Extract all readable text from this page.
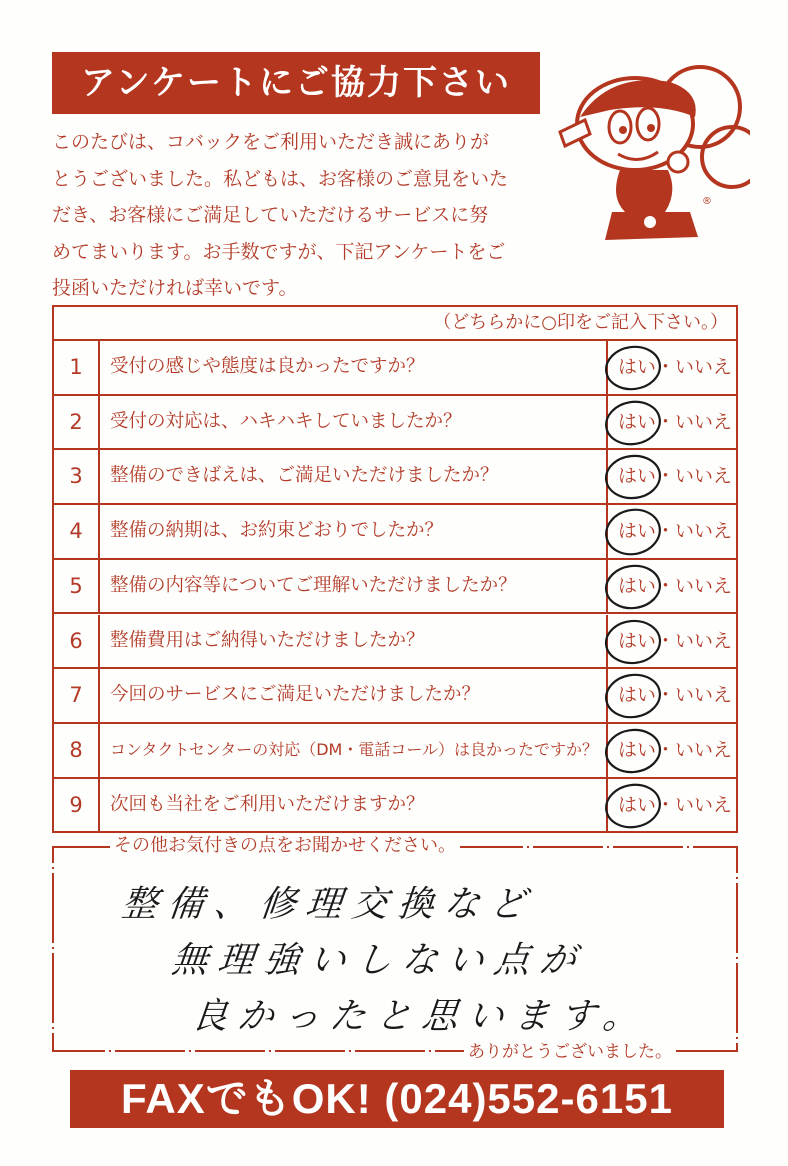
アンケートにご協力下さい
このたびは、コバックをご利用いただき誠にありが
とうございました。私どもは、お客様のご意見をいた
だき、お客様にご満足していただけるサービスに努
めてまいります。お手数ですが、下記アンケートをご
投函いただければ幸いです。
®
（どちらかに○印をご記入下さい。）
1	受付の感じや態度は良かったですか？	はい・いいえ
2	受付の対応は、ハキハキしていましたか？	はい・いいえ
3	整備のできばえは、ご満足いただけましたか？	はい・いいえ
4	整備の納期は、お約束どおりでしたか？	はい・いいえ
5	整備の内容等についてご理解いただけましたか？	はい・いいえ
6	整備費用はご納得いただけましたか？	はい・いいえ
7	今回のサービスにご満足いただけましたか？	はい・いいえ
8	コンタクトセンターの対応（DM・電話コール）は良かったですか？	はい・いいえ
9	次回も当社をご利用いただけますか？	はい・いいえ
その他お気付きの点をお聞かせください。
整備、修理交換など
無理強いしない点が
良かったと思います。
ありがとうございました。
FAXでもOK! (024)552-6151
